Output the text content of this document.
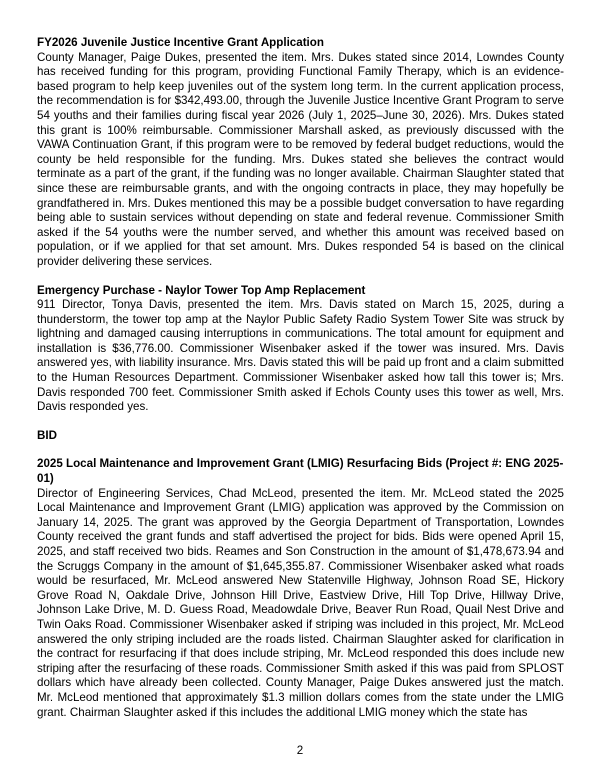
FY2026 Juvenile Justice Incentive Grant Application

County Manager, Paige Dukes, presented the item. Mrs. Dukes stated since 2014, Lowndes County has received funding for this program, providing Functional Family Therapy, which is an evidence-based program to help keep juveniles out of the system long term. In the current application process, the recommendation is for $342,493.00, through the Juvenile Justice Incentive Grant Program to serve 54 youths and their families during fiscal year 2026 (July 1, 2025–June 30, 2026). Mrs. Dukes stated this grant is 100% reimbursable. Commissioner Marshall asked, as previously discussed with the VAWA Continuation Grant, if this program were to be removed by federal budget reductions, would the county be held responsible for the funding. Mrs. Dukes stated she believes the contract would terminate as a part of the grant, if the funding was no longer available. Chairman Slaughter stated that since these are reimbursable grants, and with the ongoing contracts in place, they may hopefully be grandfathered in. Mrs. Dukes mentioned this may be a possible budget conversation to have regarding being able to sustain services without depending on state and federal revenue. Commissioner Smith asked if the 54 youths were the number served, and whether this amount was received based on population, or if we applied for that set amount. Mrs. Dukes responded 54 is based on the clinical provider delivering these services.

Emergency Purchase - Naylor Tower Top Amp Replacement

911 Director, Tonya Davis, presented the item. Mrs. Davis stated on March 15, 2025, during a thunderstorm, the tower top amp at the Naylor Public Safety Radio System Tower Site was struck by lightning and damaged causing interruptions in communications. The total amount for equipment and installation is $36,776.00. Commissioner Wisenbaker asked if the tower was insured. Mrs. Davis answered yes, with liability insurance. Mrs. Davis stated this will be paid up front and a claim submitted to the Human Resources Department. Commissioner Wisenbaker asked how tall this tower is; Mrs. Davis responded 700 feet. Commissioner Smith asked if Echols County uses this tower as well, Mrs. Davis responded yes.

BID

2025 Local Maintenance and Improvement Grant (LMIG) Resurfacing Bids (Project #: ENG 2025-01)

Director of Engineering Services, Chad McLeod, presented the item. Mr. McLeod stated the 2025 Local Maintenance and Improvement Grant (LMIG) application was approved by the Commission on January 14, 2025. The grant was approved by the Georgia Department of Transportation, Lowndes County received the grant funds and staff advertised the project for bids. Bids were opened April 15, 2025, and staff received two bids. Reames and Son Construction in the amount of $1,478,673.94 and the Scruggs Company in the amount of $1,645,355.87. Commissioner Wisenbaker asked what roads would be resurfaced, Mr. McLeod answered New Statenville Highway, Johnson Road SE, Hickory Grove Road N, Oakdale Drive, Johnson Hill Drive, Eastview Drive, Hill Top Drive, Hillway Drive, Johnson Lake Drive, M. D. Guess Road, Meadowdale Drive, Beaver Run Road, Quail Nest Drive and Twin Oaks Road. Commissioner Wisenbaker asked if striping was included in this project, Mr. McLeod answered the only striping included are the roads listed. Chairman Slaughter asked for clarification in the contract for resurfacing if that does include striping, Mr. McLeod responded this does include new striping after the resurfacing of these roads. Commissioner Smith asked if this was paid from SPLOST dollars which have already been collected. County Manager, Paige Dukes answered just the match. Mr. McLeod mentioned that approximately $1.3 million dollars comes from the state under the LMIG grant. Chairman Slaughter asked if this includes the additional LMIG money which the state has

2
